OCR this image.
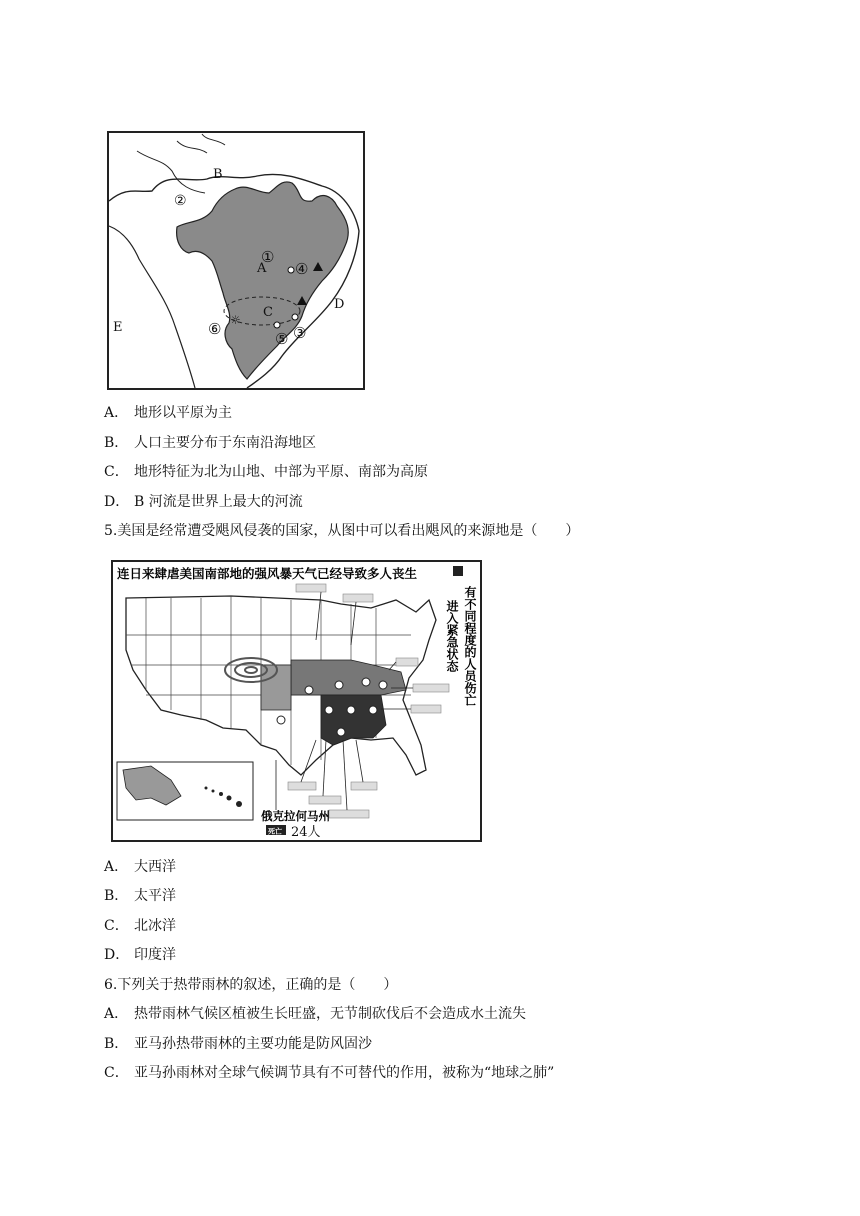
☼
B
②
①
A ④
D
C
⑥	③
⑤
E
A． 地形以平原为主
B． 人口主要分布于东南沿海地区
C． 地形特征为北为山地、中部为平原、南部为高原
D． B 河流是世界上最大的河流
5.美国是经常遭受飓风侵袭的国家，从图中可以看出飓风的来源地是（　　）
连日来肆虐美国南部地的强风暴天气已经导致多人丧生
进入紧急状态 有不同程度的人员伤亡
俄克拉何马州
死亡 24人
A． 大西洋
B． 太平洋
C． 北冰洋
D． 印度洋
6.下列关于热带雨林的叙述，正确的是（　　）
A． 热带雨林气候区植被生长旺盛，无节制砍伐后不会造成水土流失
B． 亚马孙热带雨林的主要功能是防风固沙
C． 亚马孙雨林对全球气候调节具有不可替代的作用，被称为“地球之肺”
